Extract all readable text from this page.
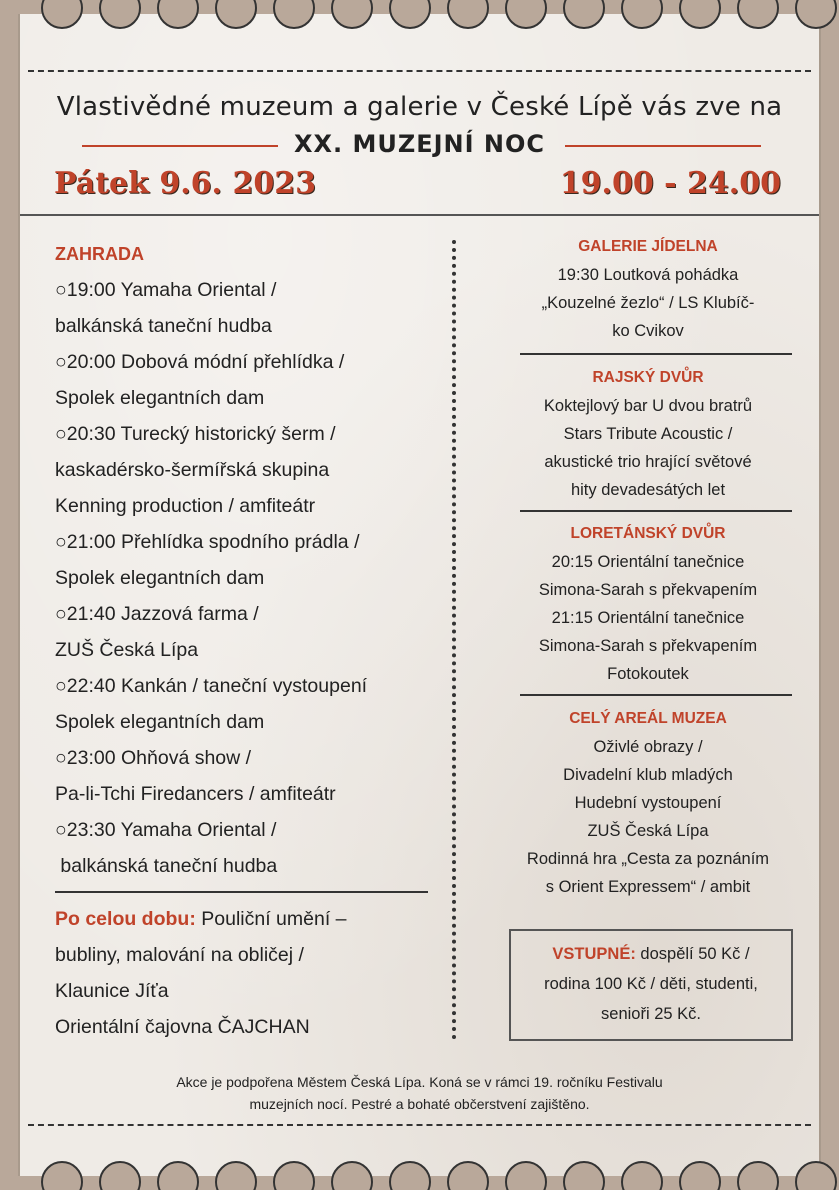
Vlastivědné muzeum a galerie v České Lípě vás zve na
XX. MUZEJNÍ NOC
Pátek 9.6. 2023	19.00 - 24.00
ZAHRADA
○19:00 Yamaha Oriental /
balkánská taneční hudba
○20:00 Dobová módní přehlídka /
Spolek elegantních dam
○20:30 Turecký historický šerm /
kaskadérsko-šermířská skupina
Kenning production / amfiteátr
○21:00 Přehlídka spodního prádla /
Spolek elegantních dam
○21:40 Jazzová farma /
ZUŠ Česká Lípa
○22:40 Kankán / taneční vystoupení
Spolek elegantních dam
○23:00 Ohňová show /
Pa-li-Tchi Firedancers / amfiteátr
○23:30 Yamaha Oriental /
balkánská taneční hudba
Po celou dobu: Pouliční umění –
bubliny, malování na obličej /
Klaunice Jíťa
Orientální čajovna ČAJCHAN
GALERIE JÍDELNA
19:30 Loutková pohádka
„Kouzelné žezlo“ / LS Klubíč-
ko Cvikov
RAJSKÝ DVŮR
Koktejlový bar U dvou bratrů
Stars Tribute Acoustic /
akustické trio hrající světové
hity devadesátých let
LORETÁNSKÝ DVŮR
20:15 Orientální tanečnice
Simona-Sarah s překvapením
21:15 Orientální tanečnice
Simona-Sarah s překvapením
Fotokoutek
CELÝ AREÁL MUZEA
Oživlé obrazy /
Divadelní klub mladých
Hudební vystoupení
ZUŠ Česká Lípa
Rodinná hra „Cesta za poznáním
s Orient Expressem“ / ambit
VSTUPNÉ: dospělí 50 Kč /
rodina 100 Kč / děti, studenti,
senioři 25 Kč.
Akce je podpořena Městem Česká Lípa. Koná se v rámci 19. ročníku Festivalu
muzejních nocí. Pestré a bohaté občerstvení zajištěno.
